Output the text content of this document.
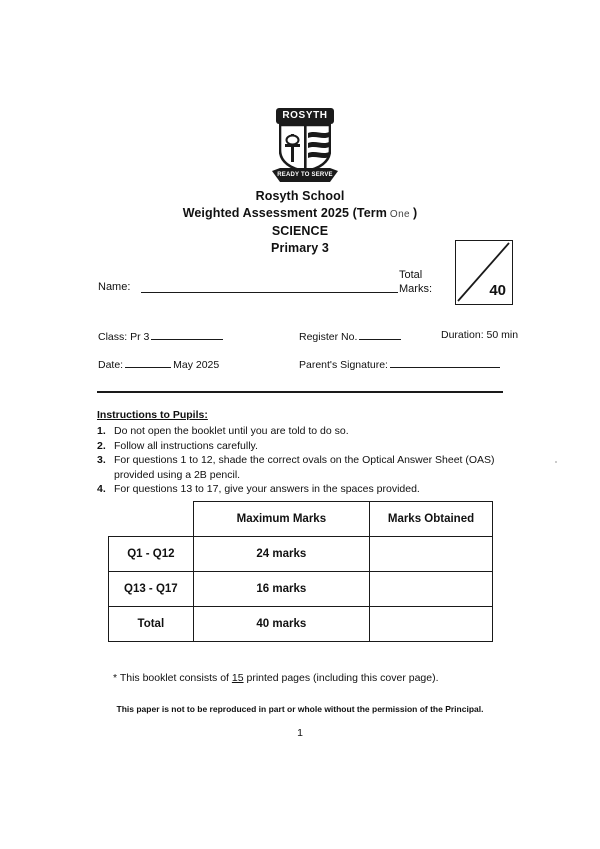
ROSYTH
READY TO SERVE
Rosyth School
Weighted Assessment 2025 (Term One )
SCIENCE
Primary 3
Name:
Total
Marks:	40
Class: Pr 3	Register No.	Duration: 50 min
Date:	May 2025	Parent's Signature:
Instructions to Pupils:
1. Do not open the booklet until you are told to do so.
2. Follow all instructions carefully.
3. For questions 1 to 12, shade the correct ovals on the Optical Answer Sheet (OAS) provided using a 2B pencil.
4. For questions 13 to 17, give your answers in the spaces provided.
	Maximum Marks	Marks Obtained
Q1 - Q12	24 marks	
Q13 - Q17	16 marks	
Total	40 marks	
* This booklet consists of 15 printed pages (including this cover page).
This paper is not to be reproduced in part or whole without the permission of the Principal.
1
